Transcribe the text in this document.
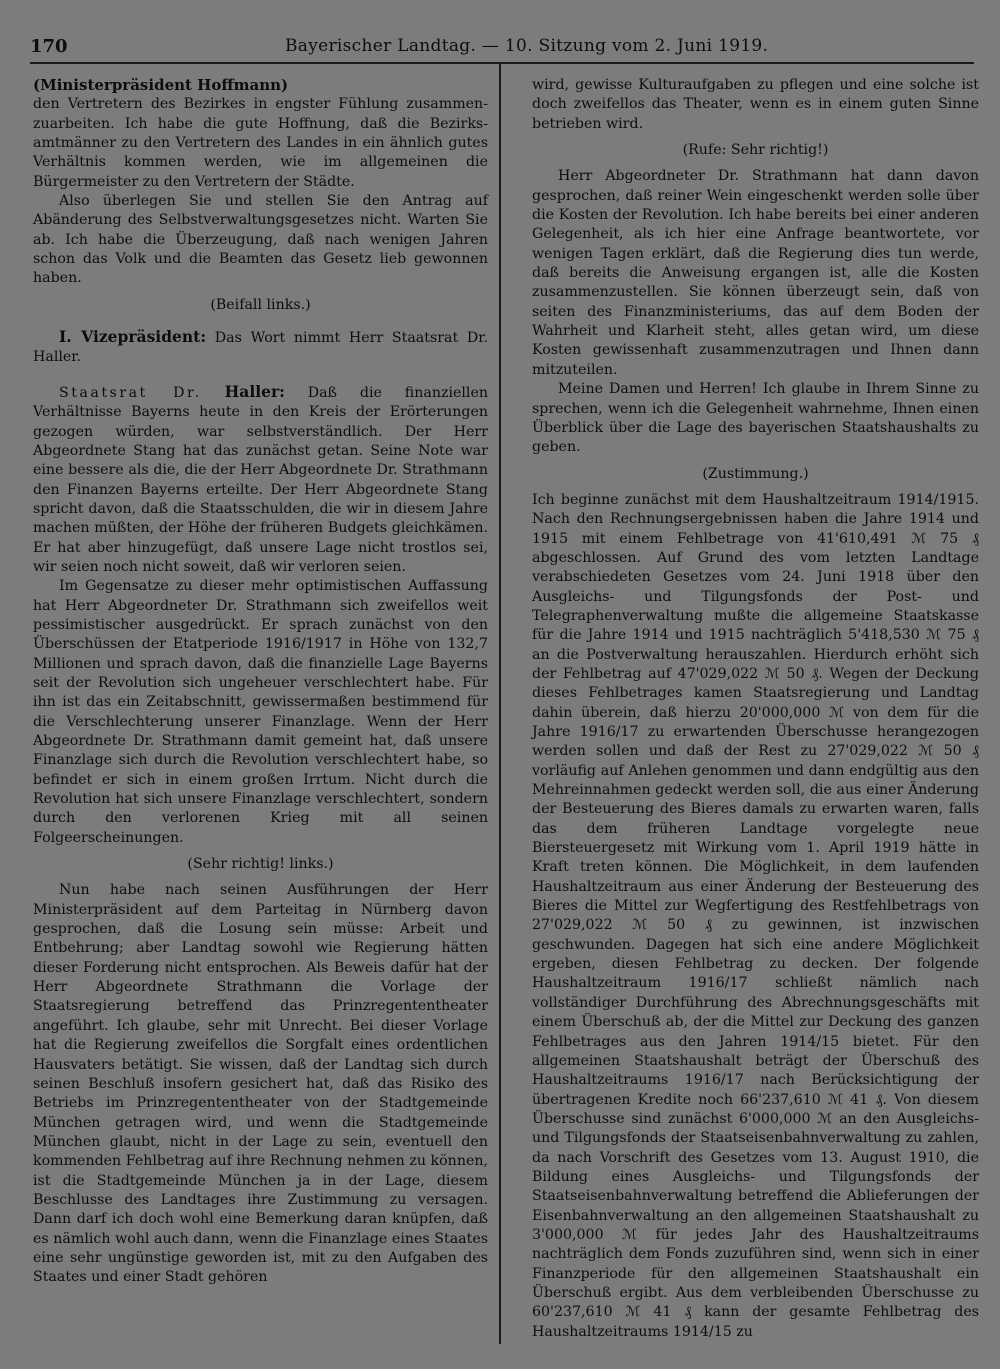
170	Bayerischer Landtag. — 10. Sitzung vom 2. Juni 1919.

(Ministerpräsident Hoffmann)

den Vertretern des Bezirkes in engster Fühlung zusammen-zuarbeiten. Ich habe die gute Hoffnung, daß die Bezirks-amtmänner zu den Vertretern des Landes in ein ähnlich gutes Verhältnis kommen werden, wie im allgemeinen die Bürgermeister zu den Vertretern der Städte.

Also überlegen Sie und stellen Sie den Antrag auf Abänderung des Selbstverwaltungsgesetzes nicht. Warten Sie ab. Ich habe die Überzeugung, daß nach wenigen Jahren schon das Volk und die Beamten das Gesetz lieb gewonnen haben.

(Beifall links.)

I. Vizepräsident: Das Wort nimmt Herr Staatsrat Dr. Haller.

Staatsrat Dr. Haller: Daß die finanziellen Verhältnisse Bayerns heute in den Kreis der Erörterungen gezogen würden, war selbstverständlich. Der Herr Abgeordnete Stang hat das zunächst getan. Seine Note war eine bessere als die, die der Herr Abgeordnete Dr. Strathmann den Finanzen Bayerns erteilte. Der Herr Abgeordnete Stang spricht davon, daß die Staatsschulden, die wir in diesem Jahre machen müßten, der Höhe der früheren Budgets gleichkämen. Er hat aber hinzugefügt, daß unsere Lage nicht trostlos sei, wir seien noch nicht soweit, daß wir verloren seien.

Im Gegensatze zu dieser mehr optimistischen Auffassung hat Herr Abgeordneter Dr. Strathmann sich zweifellos weit pessimistischer ausgedrückt. Er sprach zunächst von den Überschüssen der Etatperiode 1916/1917 in Höhe von 132,7 Millionen und sprach davon, daß die finanzielle Lage Bayerns seit der Revolution sich ungeheuer verschlechtert habe. Für ihn ist das ein Zeitabschnitt, gewissermaßen bestimmend für die Verschlechterung unserer Finanzlage. Wenn der Herr Abgeordnete Dr. Strathmann damit gemeint hat, daß unsere Finanzlage sich durch die Revolution verschlechtert habe, so befindet er sich in einem großen Irrtum. Nicht durch die Revolution hat sich unsere Finanzlage verschlechtert, sondern durch den verlorenen Krieg mit all seinen Folgeerscheinungen.

(Sehr richtig! links.)

Nun habe nach seinen Ausführungen der Herr Ministerpräsident auf dem Parteitag in Nürnberg davon gesprochen, daß die Losung sein müsse: Arbeit und Entbehrung; aber Landtag sowohl wie Regierung hätten dieser Forderung nicht entsprochen. Als Beweis dafür hat der Herr Abgeordnete Strathmann die Vorlage der Staatsregierung betreffend das Prinzregententheater angeführt. Ich glaube, sehr mit Unrecht. Bei dieser Vorlage hat die Regierung zweifellos die Sorgfalt eines ordentlichen Hausvaters betätigt. Sie wissen, daß der Landtag sich durch seinen Beschluß insofern gesichert hat, daß das Risiko des Betriebs im Prinzregententheater von der Stadtgemeinde München getragen wird, und wenn die Stadtgemeinde München glaubt, nicht in der Lage zu sein, eventuell den kommenden Fehlbetrag auf ihre Rechnung nehmen zu können, ist die Stadtgemeinde München ja in der Lage, diesem Beschlusse des Landtages ihre Zustimmung zu versagen. Dann darf ich doch wohl eine Bemerkung daran knüpfen, daß es nämlich wohl auch dann, wenn die Finanzlage eines Staates eine sehr ungünstige geworden ist, mit zu den Aufgaben des Staates und einer Stadt gehören

wird, gewisse Kulturaufgaben zu pflegen und eine solche ist doch zweifellos das Theater, wenn es in einem guten Sinne betrieben wird.

(Rufe: Sehr richtig!)

Herr Abgeordneter Dr. Strathmann hat dann davon gesprochen, daß reiner Wein eingeschenkt werden solle über die Kosten der Revolution. Ich habe bereits bei einer anderen Gelegenheit, als ich hier eine Anfrage beantwortete, vor wenigen Tagen erklärt, daß die Regierung dies tun werde, daß bereits die Anweisung ergangen ist, alle die Kosten zusammenzustellen. Sie können überzeugt sein, daß von seiten des Finanzministeriums, das auf dem Boden der Wahrheit und Klarheit steht, alles getan wird, um diese Kosten gewissenhaft zusammenzutragen und Ihnen dann mitzuteilen.

Meine Damen und Herren! Ich glaube in Ihrem Sinne zu sprechen, wenn ich die Gelegenheit wahrnehme, Ihnen einen Überblick über die Lage des bayerischen Staatshaushalts zu geben.

(Zustimmung.)

Ich beginne zunächst mit dem Haushaltzeitraum 1914/1915. Nach den Rechnungsergebnissen haben die Jahre 1914 und 1915 mit einem Fehlbetrage von 41'610,491 ℳ 75 ₰ abgeschlossen. Auf Grund des vom letzten Landtage verabschiedeten Gesetzes vom 24. Juni 1918 über den Ausgleichs- und Tilgungsfonds der Post- und Telegraphenverwaltung mußte die allgemeine Staatskasse für die Jahre 1914 und 1915 nachträglich 5'418,530 ℳ 75 ₰ an die Postverwaltung herauszahlen. Hierdurch erhöht sich der Fehlbetrag auf 47'029,022 ℳ 50 ₰. Wegen der Deckung dieses Fehlbetrages kamen Staatsregierung und Landtag dahin überein, daß hierzu 20'000,000 ℳ von dem für die Jahre 1916/17 zu erwartenden Überschusse herangezogen werden sollen und daß der Rest zu 27'029,022 ℳ 50 ₰ vorläufig auf Anlehen genommen und dann endgültig aus den Mehreinnahmen gedeckt werden soll, die aus einer Änderung der Besteuerung des Bieres damals zu erwarten waren, falls das dem früheren Landtage vorgelegte neue Biersteuergesetz mit Wirkung vom 1. April 1919 hätte in Kraft treten können. Die Möglichkeit, in dem laufenden Haushaltzeitraum aus einer Änderung der Besteuerung des Bieres die Mittel zur Wegfertigung des Restfehlbetrags von 27'029,022 ℳ 50 ₰ zu gewinnen, ist inzwischen geschwunden. Dagegen hat sich eine andere Möglichkeit ergeben, diesen Fehlbetrag zu decken. Der folgende Haushaltzeitraum 1916/17 schließt nämlich nach vollständiger Durchführung des Abrechnungsgeschäfts mit einem Überschuß ab, der die Mittel zur Deckung des ganzen Fehlbetrages aus den Jahren 1914/15 bietet. Für den allgemeinen Staatshaushalt beträgt der Überschuß des Haushaltzeitraums 1916/17 nach Berücksichtigung der übertragenen Kredite noch 66'237,610 ℳ 41 ₰. Von diesem Überschusse sind zunächst 6'000,000 ℳ an den Ausgleichs- und Tilgungsfonds der Staatseisenbahnverwaltung zu zahlen, da nach Vorschrift des Gesetzes vom 13. August 1910, die Bildung eines Ausgleichs- und Tilgungsfonds der Staatseisenbahnverwaltung betreffend die Ablieferungen der Eisenbahnverwaltung an den allgemeinen Staatshaushalt zu 3'000,000 ℳ für jedes Jahr des Haushaltzeitraums nachträglich dem Fonds zuzuführen sind, wenn sich in einer Finanzperiode für den allgemeinen Staatshaushalt ein Überschuß ergibt. Aus dem verbleibenden Überschusse zu 60'237,610 ℳ 41 ₰ kann der gesamte Fehlbetrag des Haushaltzeitraums 1914/15 zu
